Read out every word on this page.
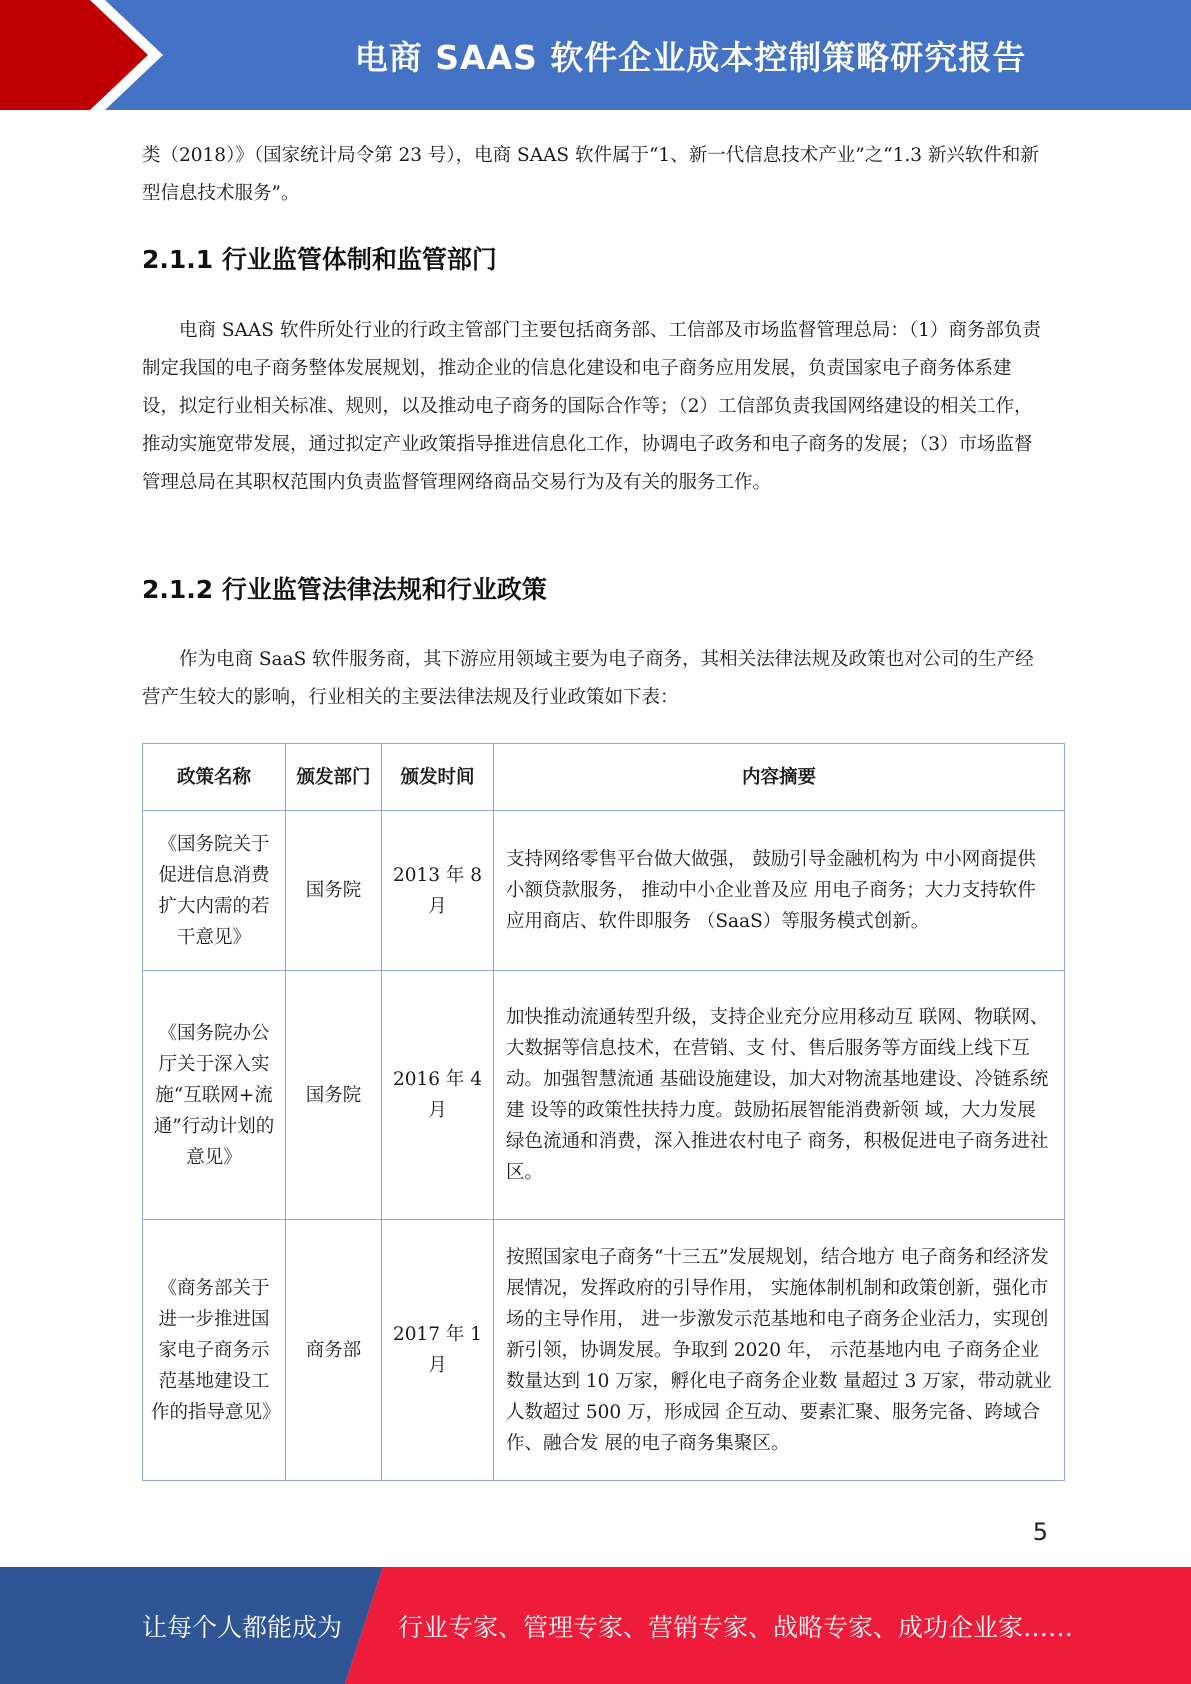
电商 SAAS 软件企业成本控制策略研究报告

类（2018）》（国家统计局令第 23 号），电商 SAAS 软件属于“1、新一代信息技术产业”之“1.3 新兴软件和新型信息技术服务”。

2.1.1 行业监管体制和监管部门

电商 SAAS 软件所处行业的行政主管部门主要包括商务部、工信部及市场监督管理总局：（1）商务部负责制定我国的电子商务整体发展规划，推动企业的信息化建设和电子商务应用发展，负责国家电子商务体系建设，拟定行业相关标准、规则，以及推动电子商务的国际合作等；（2）工信部负责我国网络建设的相关工作，推动实施宽带发展，通过拟定产业政策指导推进信息化工作，协调电子政务和电子商务的发展；（3）市场监督管理总局在其职权范围内负责监督管理网络商品交易行为及有关的服务工作。

2.1.2 行业监管法律法规和行业政策

作为电商 SaaS 软件服务商，其下游应用领域主要为电子商务，其相关法律法规及政策也对公司的生产经营产生较大的影响，行业相关的主要法律法规及行业政策如下表：

政策名称	颁发部门	颁发时间	内容摘要
《国务院关于促进信息消费扩大内需的若干意见》	国务院	2013 年 8 月	支持网络零售平台做大做强， 鼓励引导金融机构为 中小网商提供小额贷款服务， 推动中小企业普及应 用电子商务；大力支持软件应用商店、软件即服务 （SaaS）等服务模式创新。
《国务院办公厅关于深入实施“互联网+流通”行动计划的意见》	国务院	2016 年 4 月	加快推动流通转型升级，支持企业充分应用移动互 联网、物联网、大数据等信息技术，在营销、支 付、售后服务等方面线上线下互动。加强智慧流通 基础设施建设，加大对物流基地建设、冷链系统建 设等的政策性扶持力度。鼓励拓展智能消费新领 域，大力发展绿色流通和消费，深入推进农村电子 商务，积极促进电子商务进社区。
《商务部关于进一步推进国家电子商务示范基地建设工作的指导意见》	商务部	2017 年 1 月	按照国家电子商务“十三五”发展规划，结合地方 电子商务和经济发展情况，发挥政府的引导作用， 实施体制机制和政策创新，强化市场的主导作用， 进一步激发示范基地和电子商务企业活力，实现创 新引领，协调发展。争取到 2020 年， 示范基地内电 子商务企业数量达到 10 万家，孵化电子商务企业数 量超过 3 万家，带动就业人数超过 500 万，形成园 企互动、要素汇聚、服务完备、跨域合作、融合发 展的电子商务集聚区。
5
让每个人都能成为 行业专家、管理专家、营销专家、战略专家、成功企业家……
